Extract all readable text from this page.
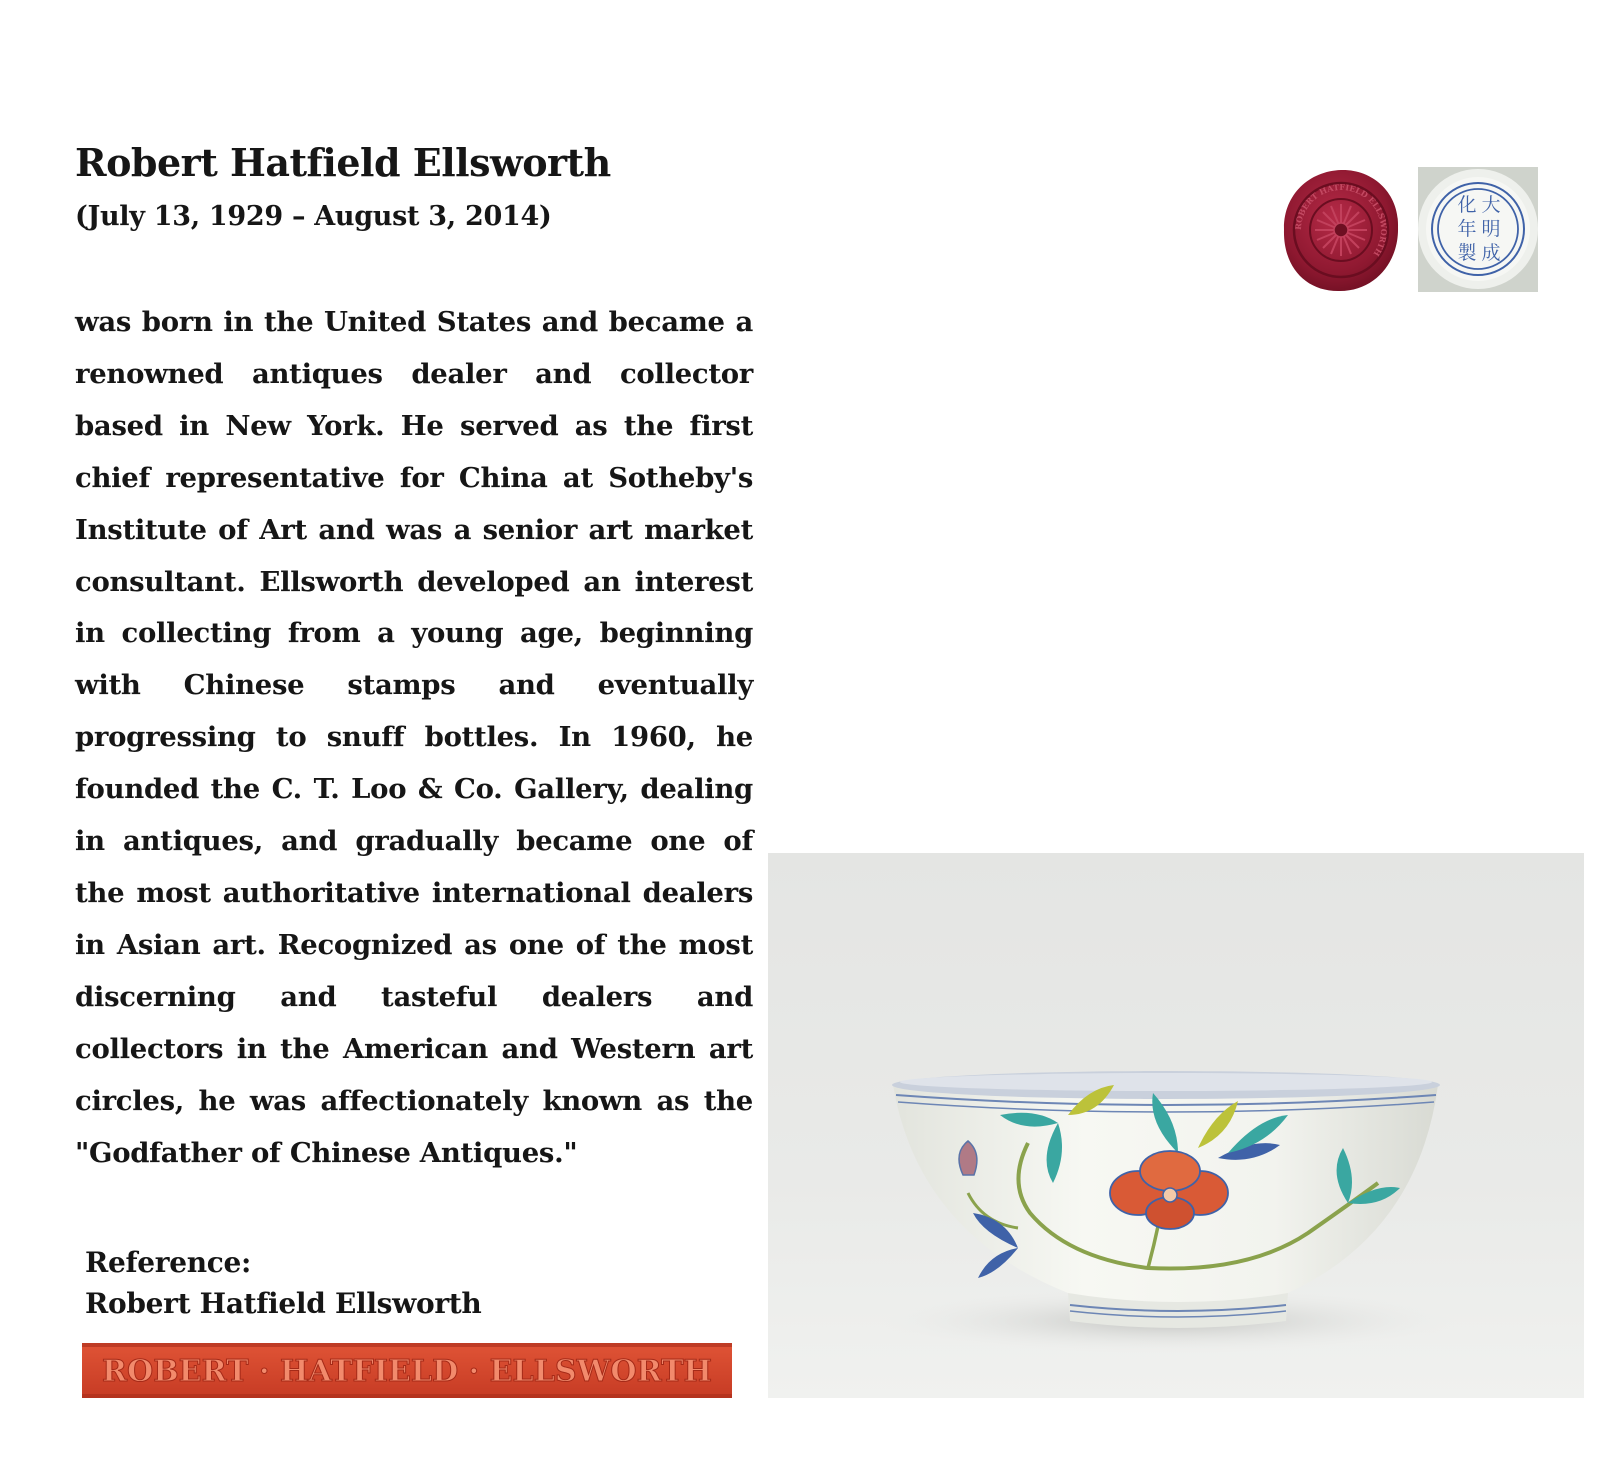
Robert Hatfield Ellsworth

(July 13, 1929 – August 3, 2014)

was born in the United States and became a renowned antiques dealer and collector based in New York. He served as the first chief representative for China at Sotheby's Institute of Art and was a senior art market consultant. Ellsworth developed an interest in collecting from a young age, beginning with Chinese stamps and eventually progressing to snuff bottles. In 1960, he founded the C. T. Loo & Co. Gallery, dealing in antiques, and gradually became one of the most authoritative international dealers in Asian art. Recognized as one of the most discerning and tasteful dealers and collectors in the American and Western art circles, he was affectionately known as the "Godfather of Chinese Antiques."

Reference:

Robert Hatfield Ellsworth

ROBERT · HATFIELD · ELLSWORTH
ROBERT HATFIELD ELLSWORTH
大
明
成
化
年
製
